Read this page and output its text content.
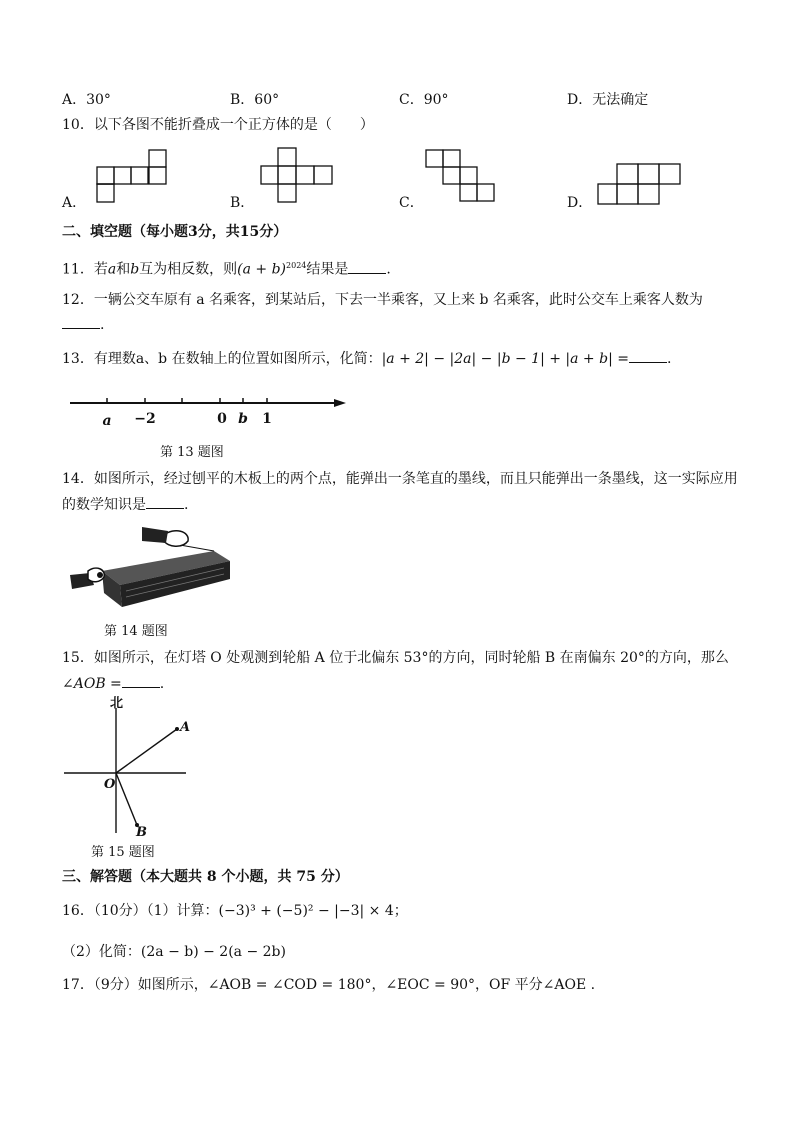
A．30°	B．60°	C．90°	D．无法确定
10．以下各图不能折叠成一个正方体的是（　　）
A．	B．	C．	D．
二、填空题（每小题3分，共15分）
11．若a和b互为相反数，则$(a + b)^{2024}$结果是	.
12．一辆公交车原有 a 名乘客，到某站后，下去一半乘客，又上来 b 名乘客，此时公交车上乘客人数为
.
13．有理数a、b 在数轴上的位置如图所示，化简：|a + 2| − |2a| − |b − 1| + |a + b| =	.
a −2	0 b 1
第 13 题图
14．如图所示，经过刨平的木板上的两个点，能弹出一条笔直的墨线，而且只能弹出一条墨线，这一实际应用
的数学知识是	.
第 14 题图
15．如图所示，在灯塔 O 处观测到轮船 A 位于北偏东 53°的方向，同时轮船 B 在南偏东 20°的方向，那么
∠AOB =	.
北
A
O
B
第 15 题图
三、解答题（本大题共 8 个小题，共 75 分）
16．（10分）（1）计算：(−3)³ + (−5)² − |−3| × 4；
（2）化简：(2a − b) − 2(a − 2b)
17．（9分）如图所示，∠AOB = ∠COD = 180°，∠EOC = 90°，OF 平分∠AOE .
